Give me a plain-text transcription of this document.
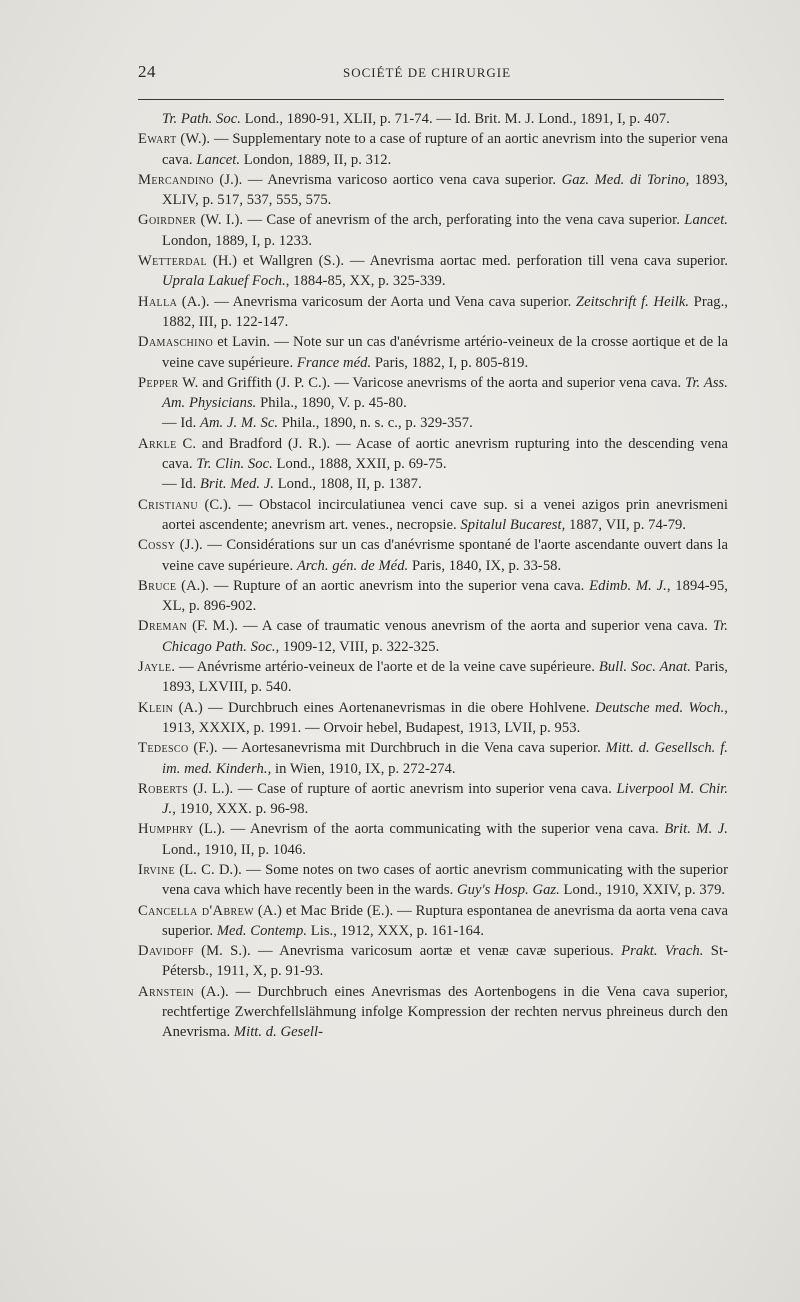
24	SOCIÉTÉ DE CHIRURGIE

Tr. Path. Soc. Lond., 1890-91, XLII, p. 71-74. — Id. Brit. M. J. Lond., 1891, I, p. 407.

Ewart (W.). — Supplementary note to a case of rupture of an aortic anevrism into the superior vena cava. Lancet. London, 1889, II, p. 312.

Mercandino (J.). — Anevrisma varicoso aortico vena cava superior. Gaz. Med. di Torino, 1893, XLIV, p. 517, 537, 555, 575.

Goirdner (W. I.). — Case of anevrism of the arch, perforating into the vena cava superior. Lancet. London, 1889, I, p. 1233.

Wetterdal (H.) et Wallgren (S.). — Anevrisma aortac med. perforation till vena cava superior. Uprala Lakuef Foch., 1884-85, XX, p. 325-339.

Halla (A.). — Anevrisma varicosum der Aorta und Vena cava superior. Zeitschrift f. Heilk. Prag., 1882, III, p. 122-147.

Damaschino et Lavin. — Note sur un cas d'anévrisme artério-veineux de la crosse aortique et de la veine cave supérieure. France méd. Paris, 1882, I, p. 805-819.

Pepper W. and Griffith (J. P. C.). — Varicose anevrisms of the aorta and superior vena cava. Tr. Ass. Am. Physicians. Phila., 1890, V. p. 45-80.

— Id. Am. J. M. Sc. Phila., 1890, n. s. c., p. 329-357.

Arkle C. and Bradford (J. R.). — Acase of aortic anevrism rupturing into the descending vena cava. Tr. Clin. Soc. Lond., 1888, XXII, p. 69-75.

— Id. Brit. Med. J. Lond., 1808, II, p. 1387.

Cristianu (C.). — Obstacol incirculatiunea venci cave sup. si a venei azigos prin anevrismeni aortei ascendente; anevrism art. venes., necropsie. Spitalul Bucarest, 1887, VII, p. 74-79.

Cossy (J.). — Considérations sur un cas d'anévrisme spontané de l'aorte ascendante ouvert dans la veine cave supérieure. Arch. gén. de Méd. Paris, 1840, IX, p. 33-58.

Bruce (A.). — Rupture of an aortic anevrism into the superior vena cava. Edimb. M. J., 1894-95, XL, p. 896-902.

Dreman (F. M.). — A case of traumatic venous anevrism of the aorta and superior vena cava. Tr. Chicago Path. Soc., 1909-12, VIII, p. 322-325.

Jayle. — Anévrisme artério-veineux de l'aorte et de la veine cave supérieure. Bull. Soc. Anat. Paris, 1893, LXVIII, p. 540.

Klein (A.) — Durchbruch eines Aortenanevrismas in die obere Hohlvene. Deutsche med. Woch., 1913, XXXIX, p. 1991. — Orvoir hebel, Budapest, 1913, LVII, p. 953.

Tedesco (F.). — Aortesanevrisma mit Durchbruch in die Vena cava superior. Mitt. d. Gesellsch. f. im. med. Kinderh., in Wien, 1910, IX, p. 272-274.

Roberts (J. L.). — Case of rupture of aortic anevrism into superior vena cava. Liverpool M. Chir. J., 1910, XXX. p. 96-98.

Humphry (L.). — Anevrism of the aorta communicating with the superior vena cava. Brit. M. J. Lond., 1910, II, p. 1046.

Irvine (L. C. D.). — Some notes on two cases of aortic anevrism communicating with the superior vena cava which have recently been in the wards. Guy's Hosp. Gaz. Lond., 1910, XXIV, p. 379.

Cancella d'Abrew (A.) et Mac Bride (E.). — Ruptura espontanea de anevrisma da aorta vena cava superior. Med. Contemp. Lis., 1912, XXX, p. 161-164.

Davidoff (M. S.). — Anevrisma varicosum aortæ et venæ cavæ superious. Prakt. Vrach. St-Pétersb., 1911, X, p. 91-93.

Arnstein (A.). — Durchbruch eines Anevrismas des Aortenbogens in die Vena cava superior, rechtfertige Zwerchfellslähmung infolge Kompression der rechten nervus phreineus durch den Anevrisma. Mitt. d. Gesell-
